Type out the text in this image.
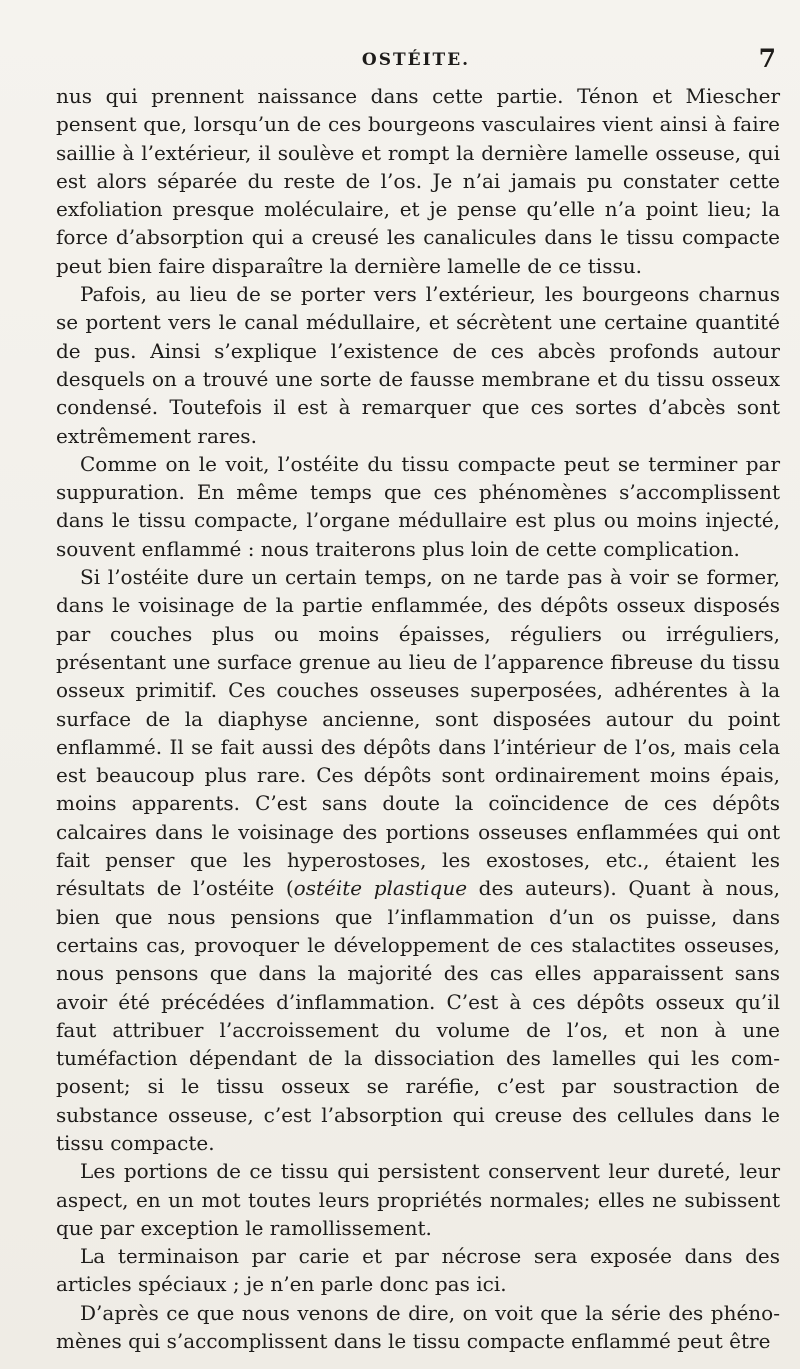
OSTÉITE.	7

nus qui prennent naissance dans cette partie. Ténon et Miescher pensent que, lorsqu’un de ces bourgeons vasculaires vient ainsi à faire saillie à l’extérieur, il soulève et rompt la dernière lamelle osseuse, qui est alors séparée du reste de l’os. Je n’ai jamais pu constater cette exfoliation presque moléculaire, et je pense qu’elle n’a point lieu; la force d’absorption qui a creusé les canalicules dans le tissu compacte peut bien faire disparaître la dernière lamelle de ce tissu.

Pafois, au lieu de se porter vers l’extérieur, les bourgeons charnus se portent vers le canal médullaire, et sécrètent une certaine quantité de pus. Ainsi s’explique l’existence de ces abcès profonds autour desquels on a trouvé une sorte de fausse membrane et du tissu osseux condensé. Toutefois il est à remarquer que ces sortes d’abcès sont extrêmement rares.

Comme on le voit, l’ostéite du tissu compacte peut se terminer par suppuration. En même temps que ces phénomènes s’accomplissent dans le tissu compacte, l’organe médullaire est plus ou moins injecté, souvent enflammé : nous traiterons plus loin de cette complication.

Si l’ostéite dure un certain temps, on ne tarde pas à voir se former, dans le voisinage de la partie enflammée, des dépôts osseux disposés par couches plus ou moins épaisses, réguliers ou irréguliers, présentant une surface grenue au lieu de l’apparence fibreuse du tissu osseux primitif. Ces couches osseuses superposées, adhérentes à la surface de la diaphyse ancienne, sont disposées autour du point enflammé. Il se fait aussi des dépôts dans l’intérieur de l’os, mais cela est beaucoup plus rare. Ces dépôts sont ordinairement moins épais, moins apparents. C’est sans doute la coïncidence de ces dépôts calcaires dans le voisinage des portions osseuses enflammées qui ont fait penser que les hyperostoses, les exostoses, etc., étaient les résultats de l’ostéite (ostéite plastique des auteurs). Quant à nous, bien que nous pensions que l’inflammation d’un os puisse, dans certains cas, provoquer le développement de ces stalactites osseuses, nous pensons que dans la majorité des cas elles apparaissent sans avoir été précédées d’inflammation. C’est à ces dépôts osseux qu’il faut attribuer l’accroissement du volume de l’os, et non à une tuméfaction dépendant de la dissociation des lamelles qui les composent; si le tissu osseux se raréfie, c’est par soustraction de substance osseuse, c’est l’absorption qui creuse des cellules dans le tissu compacte.

Les portions de ce tissu qui persistent conservent leur dureté, leur aspect, en un mot toutes leurs propriétés normales; elles ne subissent que par exception le ramollissement.

La terminaison par carie et par nécrose sera exposée dans des articles spéciaux ; je n’en parle donc pas ici.

D’après ce que nous venons de dire, on voit que la série des phénomènes qui s’accomplissent dans le tissu compacte enflammé peut être
